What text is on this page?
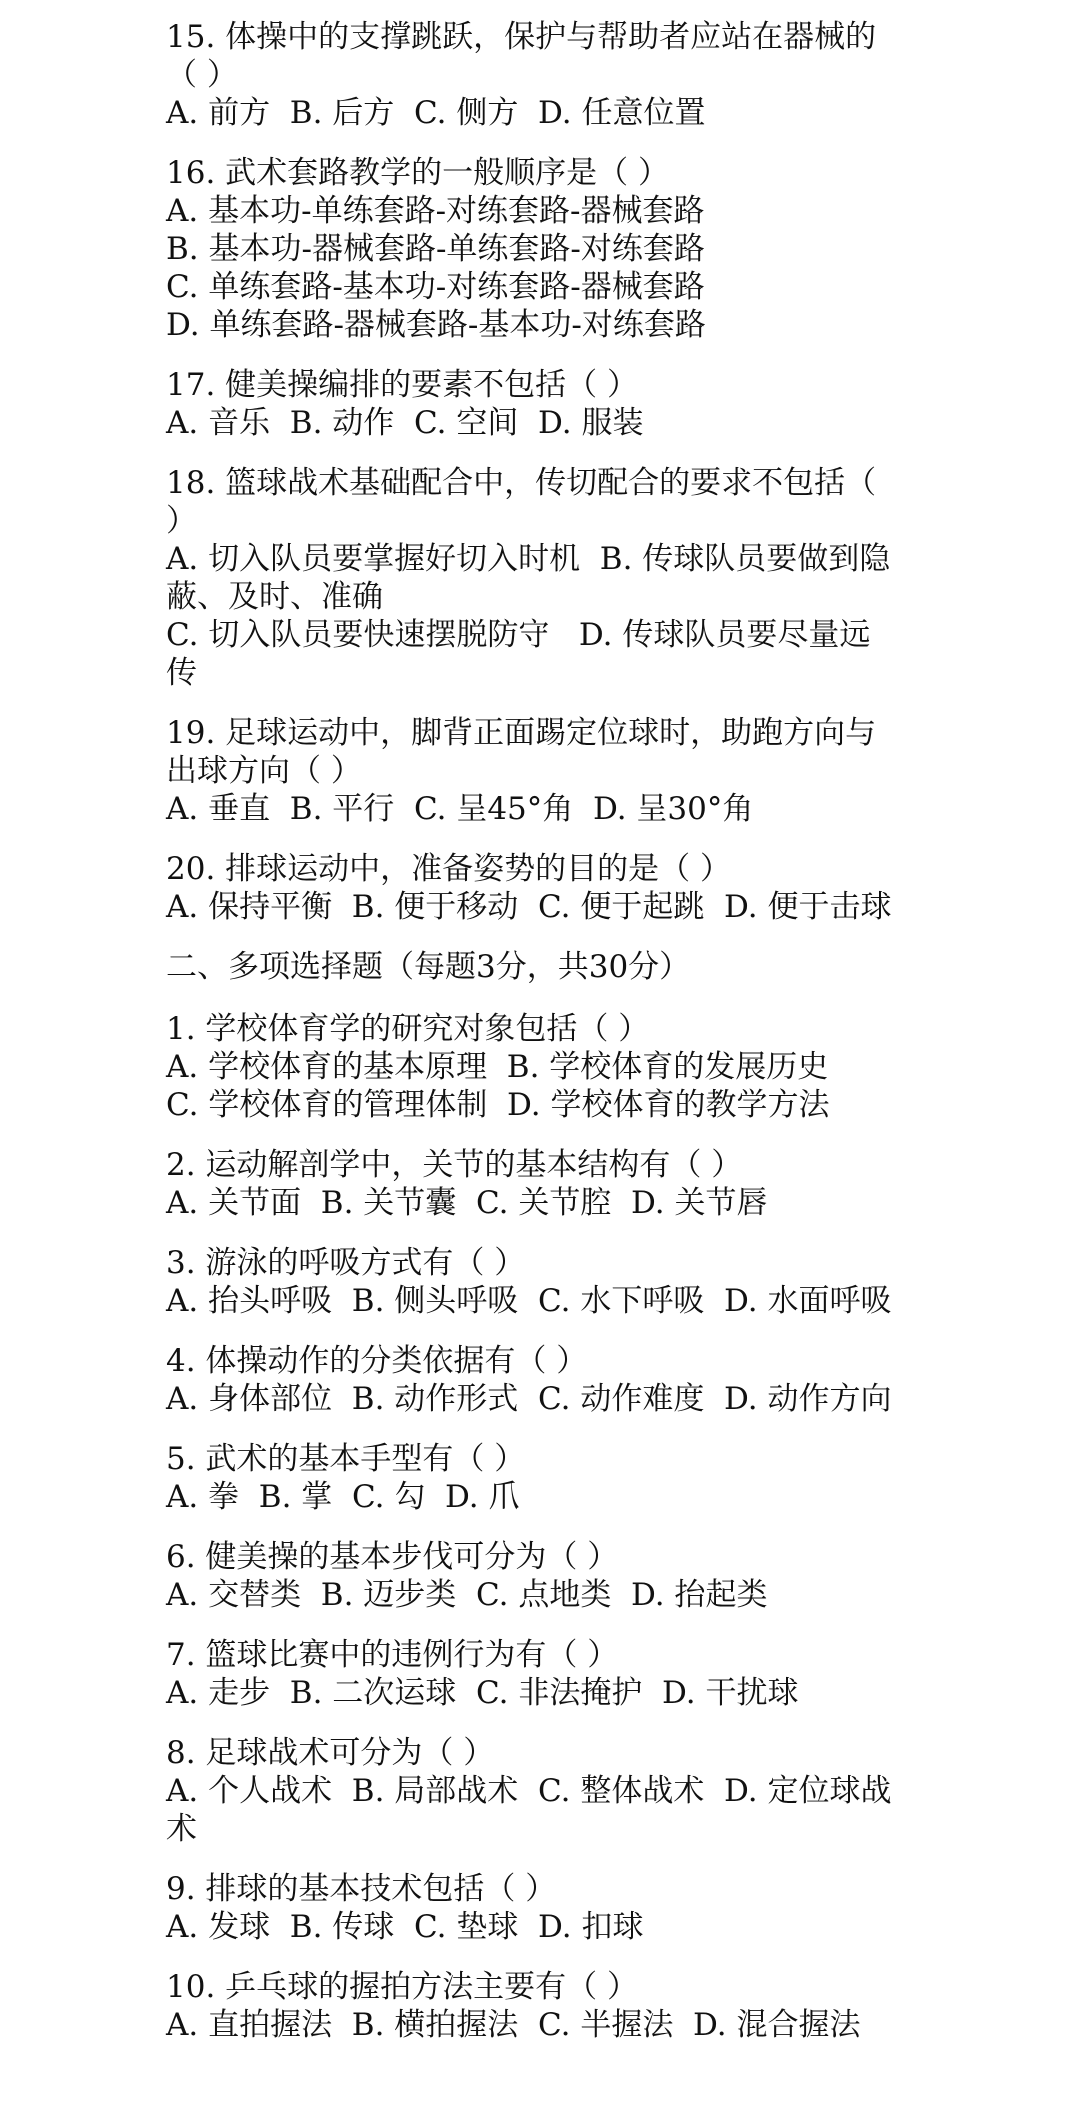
15. 体操中的支撑跳跃，保护与帮助者应站在器械的
（ ）
A. 前方  B. 后方  C. 侧方  D. 任意位置
16. 武术套路教学的一般顺序是（ ）
A. 基本功-单练套路-对练套路-器械套路
B. 基本功-器械套路-单练套路-对练套路
C. 单练套路-基本功-对练套路-器械套路
D. 单练套路-器械套路-基本功-对练套路
17. 健美操编排的要素不包括（ ）
A. 音乐  B. 动作  C. 空间  D. 服装
18. 篮球战术基础配合中，传切配合的要求不包括（
）
A. 切入队员要掌握好切入时机  B. 传球队员要做到隐
蔽、及时、准确
C. 切入队员要快速摆脱防守   D. 传球队员要尽量远
传
19. 足球运动中，脚背正面踢定位球时，助跑方向与
出球方向（ ）
A. 垂直  B. 平行  C. 呈45°角  D. 呈30°角
20. 排球运动中，准备姿势的目的是（ ）
A. 保持平衡  B. 便于移动  C. 便于起跳  D. 便于击球
二、多项选择题（每题3分，共30分）
1. 学校体育学的研究对象包括（ ）
A. 学校体育的基本原理  B. 学校体育的发展历史
C. 学校体育的管理体制  D. 学校体育的教学方法
2. 运动解剖学中，关节的基本结构有（ ）
A. 关节面  B. 关节囊  C. 关节腔  D. 关节唇
3. 游泳的呼吸方式有（ ）
A. 抬头呼吸  B. 侧头呼吸  C. 水下呼吸  D. 水面呼吸
4. 体操动作的分类依据有（ ）
A. 身体部位  B. 动作形式  C. 动作难度  D. 动作方向
5. 武术的基本手型有（ ）
A. 拳  B. 掌  C. 勾  D. 爪
6. 健美操的基本步伐可分为（ ）
A. 交替类  B. 迈步类  C. 点地类  D. 抬起类
7. 篮球比赛中的违例行为有（ ）
A. 走步  B. 二次运球  C. 非法掩护  D. 干扰球
8. 足球战术可分为（ ）
A. 个人战术  B. 局部战术  C. 整体战术  D. 定位球战
术
9. 排球的基本技术包括（ ）
A. 发球  B. 传球  C. 垫球  D. 扣球
10. 乒乓球的握拍方法主要有（ ）
A. 直拍握法  B. 横拍握法  C. 半握法  D. 混合握法
